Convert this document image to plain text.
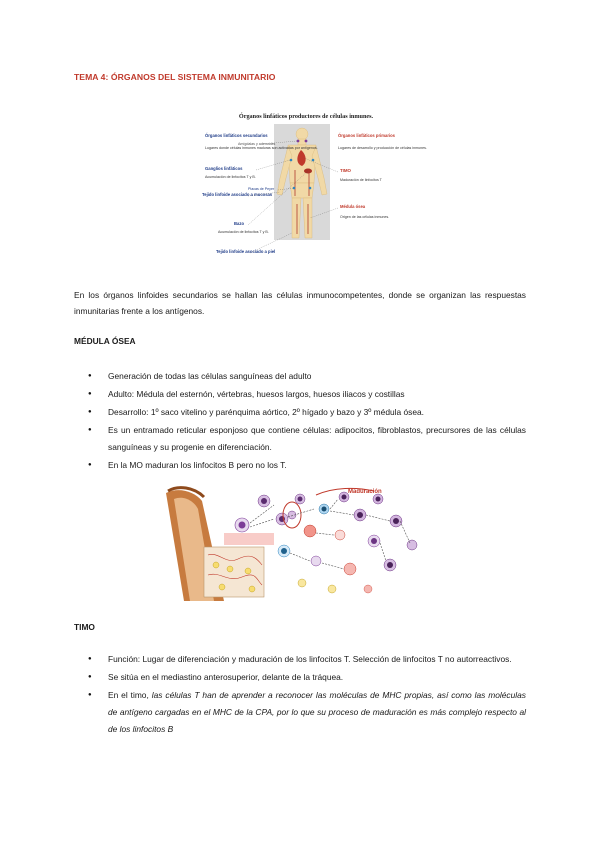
TEMA 4: ÓRGANOS DEL SISTEMA INMUNITARIO
Órganos linfáticos productores de células inmunes.
Órganos linfáticos secundarios
Lugares donde células inmunes maduras son activadas por antígenos.
Amígdalas y adenoides
Ganglios linfáticos
Acumulación de linfocitos T y B.
Placas de Peyer
Tejido linfoide asociado a mucosas
Bazo
Acumulación de linfocitos T y B.
Tejido linfoide asociado a piel
Órganos linfáticos primarios
Lugares de desarrollo y producción de células inmunes.
TIMO
Maduración de linfocitos T
Médula ósea
Origen de las células inmunes.
En los órganos linfoides secundarios se hallan las células inmunocompetentes, donde se organizan las respuestas inmunitarias frente a los antígenos.
MÉDULA ÓSEA
● Generación de todas las células sanguíneas del adulto
● Adulto: Médula del esternón, vértebras, huesos largos, huesos iliacos y costillas
● Desarrollo: 1º saco vitelino y parénquima aórtico, 2º hígado y bazo y 3º médula ósea.
● Es un entramado reticular esponjoso que contiene células: adipocitos, fibroblastos, precursores de las células sanguíneas y su progenie en diferenciación.
● En la MO maduran los linfocitos B pero no los T.
Maduración
TIMO
● Función: Lugar de diferenciación y maduración de los linfocitos T. Selección de linfocitos T no autorreactivos.
● Se sitúa en el mediastino anterosuperior, delante de la tráquea.
● En el timo, las células T han de aprender a reconocer las moléculas de MHC propias, así como las moléculas de antígeno cargadas en el MHC de la CPA, por lo que su proceso de maduración es más complejo respecto al de los linfocitos B
